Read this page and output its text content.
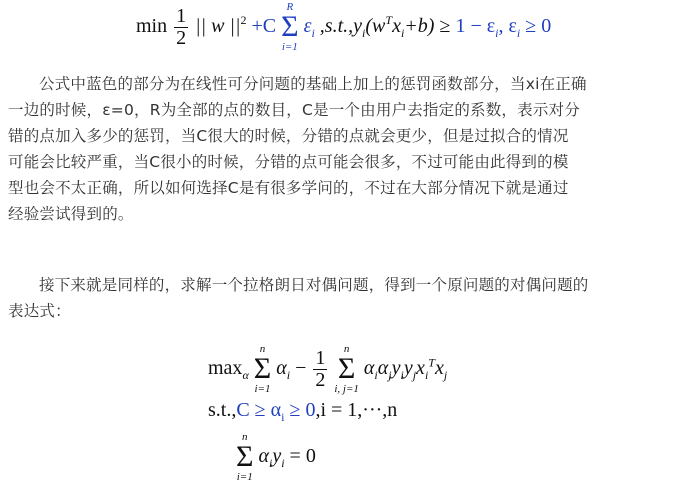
$\min \frac{1}{2}$ || w $||^2 +C$
R
Σ
i=1
$\varepsilon_i$ $,s.t.,y_i(w^Tx_i+b) \ge 1 - \varepsilon_i$, $\varepsilon_i \ge 0$
公式中蓝色的部分为在线性可分问题的基础上加上的惩罚函数部分，当xi在正确
一边的时候，ε=0，R为全部的点的数目，C是一个由用户去指定的系数，表示对分
错的点加入多少的惩罚，当C很大的时候，分错的点就会更少，但是过拟合的情况
可能会比较严重，当C很小的时候，分错的点可能会很多，不过可能由此得到的模
型也会不太正确，所以如何选择C是有很多学问的，不过在大部分情况下就是通过
经验尝试得到的。
接下来就是同样的，求解一个拉格朗日对偶问题，得到一个原问题的对偶问题的
表达式：
$\max_\alpha$
n
Σ
i=1
$\alpha_i - \frac{1}{2}$
n
Σ
i, j=1
$\alpha_i\alpha_jy_iy_jx_i^Tx_j$
$s.t.,C \ge \alpha_i \ge 0,i = 1,\cdot\cdot\cdot,n$
n
Σ
i=1
$\alpha_iy_i = 0$
